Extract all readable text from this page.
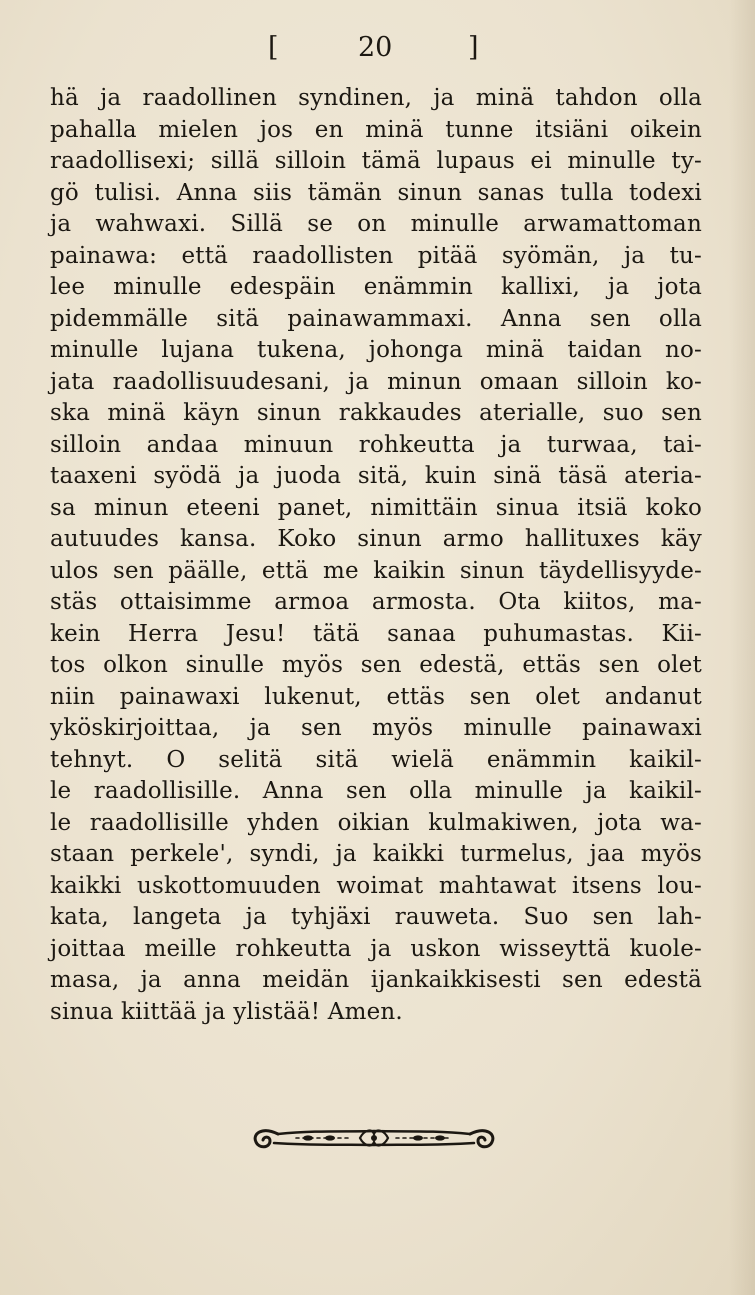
[	20	]
hä ja raadollinen syndinen, ja minä tahdon olla
pahalla mielen jos en minä tunne itsiäni oikein
raadollisexi; sillä silloin tämä lupaus ei minulle ty-
gö tulisi. Anna siis tämän sinun sanas tulla todexi
ja wahwaxi. Sillä se on minulle arwamattoman
painawa: että raadollisten pitää syömän, ja tu-
lee minulle edespäin enämmin kallixi, ja jota
pidemmälle sitä painawammaxi. Anna sen olla
minulle lujana tukena, johonga minä taidan no-
jata raadollisuudesani, ja minun omaan silloin ko-
ska minä käyn sinun rakkaudes aterialle, suo sen
silloin andaa minuun rohkeutta ja turwaa, tai-
taaxeni syödä ja juoda sitä, kuin sinä täsä ateria-
sa minun eteeni panet, nimittäin sinua itsiä koko
autuudes kansa. Koko sinun armo hallituxes käy
ulos sen päälle, että me kaikin sinun täydellisyyde-
stäs ottaisimme armoa armosta. Ota kiitos, ma-
kein Herra Jesu! tätä sanaa puhumastas. Kii-
tos olkon sinulle myös sen edestä, ettäs sen olet
niin painawaxi lukenut, ettäs sen olet andanut
yköskirjoittaa, ja sen myös minulle painawaxi
tehnyt. O selitä sitä wielä enämmin kaikil-
le raadollisille. Anna sen olla minulle ja kaikil-
le raadollisille yhden oikian kulmakiwen, jota wa-
staan perkele', syndi, ja kaikki turmelus, jaa myös
kaikki uskottomuuden woimat mahtawat itsens lou-
kata, langeta ja tyhjäxi rauweta. Suo sen lah-
joittaa meille rohkeutta ja uskon wisseyttä kuole-
masa, ja anna meidän ijankaikkisesti sen edestä
sinua kiittää ja ylistää! Amen.
